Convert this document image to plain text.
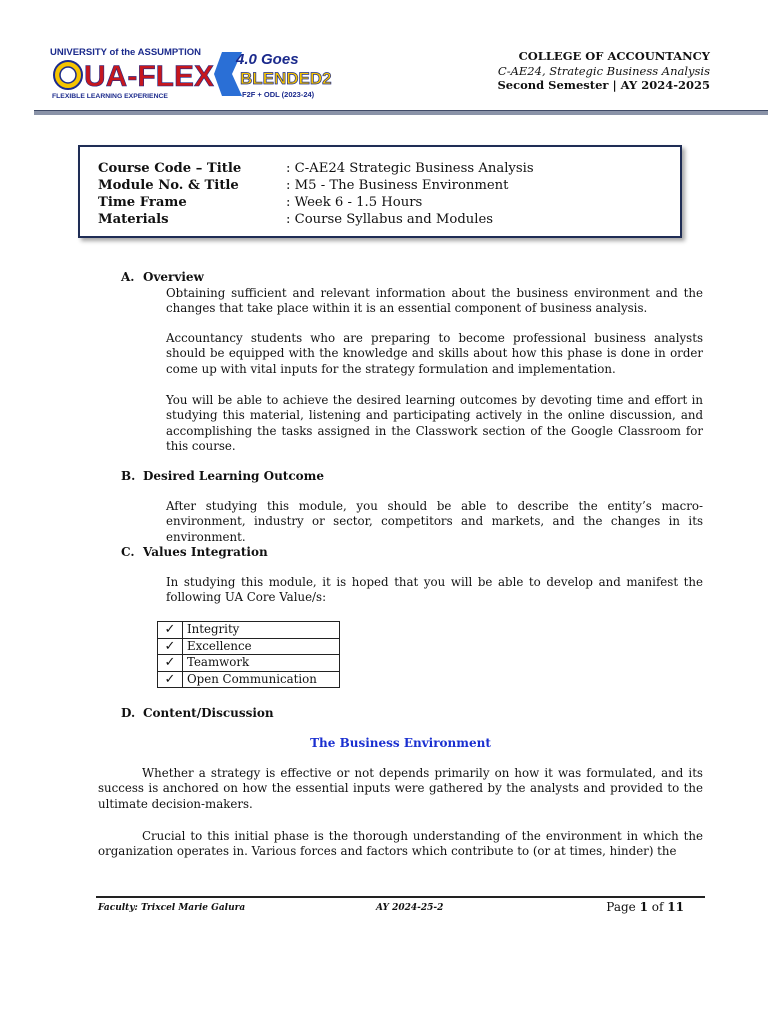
UNIVERSITY of the ASSUMPTION
UA-FLEX
FLEXIBLE LEARNING EXPERIENCE
4.0 Goes
BLENDED2
F2F + ODL (2023-24)
COLLEGE OF ACCOUNTANCY
C-AE24, Strategic Business Analysis
Second Semester | AY 2024-2025
Course Code – Title	: C-AE24 Strategic Business Analysis
Module No. & Title	: M5 - The Business Environment
Time Frame	: Week 6 - 1.5 Hours
Materials	: Course Syllabus and Modules
A. Overview
Obtaining sufficient and relevant information about the business environment and the changes that take place within it is an essential component of business analysis.
Accountancy students who are preparing to become professional business analysts should be equipped with the knowledge and skills about how this phase is done in order come up with vital inputs for the strategy formulation and implementation.
You will be able to achieve the desired learning outcomes by devoting time and effort in studying this material, listening and participating actively in the online discussion, and accomplishing the tasks assigned in the Classwork section of the Google Classroom for this course.
B. Desired Learning Outcome
After studying this module, you should be able to describe the entity’s macro-environment, industry or sector, competitors and markets, and the changes in its environment.
C. Values Integration
In studying this module, it is hoped that you will be able to develop and manifest the following UA Core Value/s:
✓	Integrity
✓	Excellence
✓	Teamwork
✓	Open Communication
D. Content/Discussion
The Business Environment
Whether a strategy is effective or not depends primarily on how it was formulated, and its success is anchored on how the essential inputs were gathered by the analysts and provided to the ultimate decision-makers.
Crucial to this initial phase is the thorough understanding of the environment in which the organization operates in. Various forces and factors which contribute to (or at times, hinder) the
Faculty: Trixcel Marie Galura	AY 2024-25-2	Page 1 of 11
